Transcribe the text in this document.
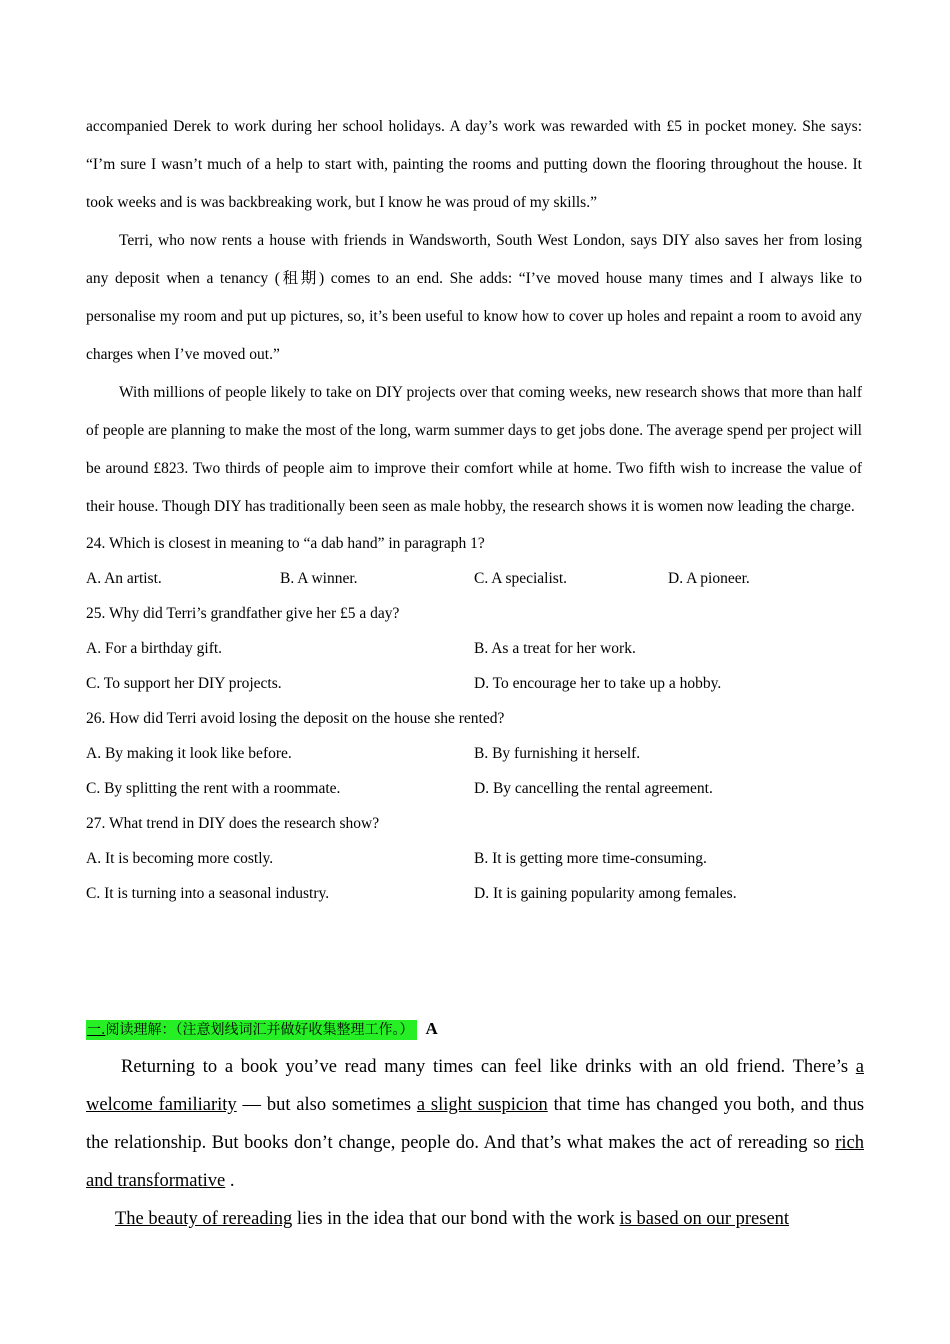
accompanied Derek to work during her school holidays. A day’s work was rewarded with £5 in pocket money. She says: “I’m sure I wasn’t much of a help to start with, painting the rooms and putting down the flooring throughout the house. It took weeks and is was backbreaking work, but I know he was proud of my skills.”

Terri, who now rents a house with friends in Wandsworth, South West London, says DIY also saves her from losing any deposit when a tenancy (租期) comes to an end. She adds: “I’ve moved house many times and I always like to personalise my room and put up pictures, so, it’s been useful to know how to cover up holes and repaint a room to avoid any charges when I’ve moved out.”

With millions of people likely to take on DIY projects over that coming weeks, new research shows that more than half of people are planning to make the most of the long, warm summer days to get jobs done. The average spend per project will be around £823. Two thirds of people aim to improve their comfort while at home. Two fifth wish to increase the value of their house. Though DIY has traditionally been seen as male hobby, the research shows it is women now leading the charge.

24. Which is closest in meaning to “a dab hand” in paragraph 1?

A. An artist.	B. A winner.	C. A specialist.	D. A pioneer.

25. Why did Terri’s grandfather give her £5 a day?

A. For a birthday gift.	B. As a treat for her work.
C. To support her DIY projects.	D. To encourage her to take up a hobby.

26. How did Terri avoid losing the deposit on the house she rented?

A. By making it look like before.	B. By furnishing it herself.
C. By splitting the rent with a roommate.	D. By cancelling the rental agreement.

27. What trend in DIY does the research show?

A. It is becoming more costly.	B. It is getting more time-consuming.
C. It is turning into a seasonal industry.	D. It is gaining popularity among females.
一.阅读理解：（注意划线词汇并做好收集整理工作。） A

Returning to a book you’ve read many times can feel like drinks with an old friend. There’s a welcome familiarity — but also sometimes a slight suspicion that time has changed you both, and thus the relationship. But books don’t change, people do. And that’s what makes the act of rereading so rich and transformative .

The beauty of rereading lies in the idea that our bond with the work is based on our present
